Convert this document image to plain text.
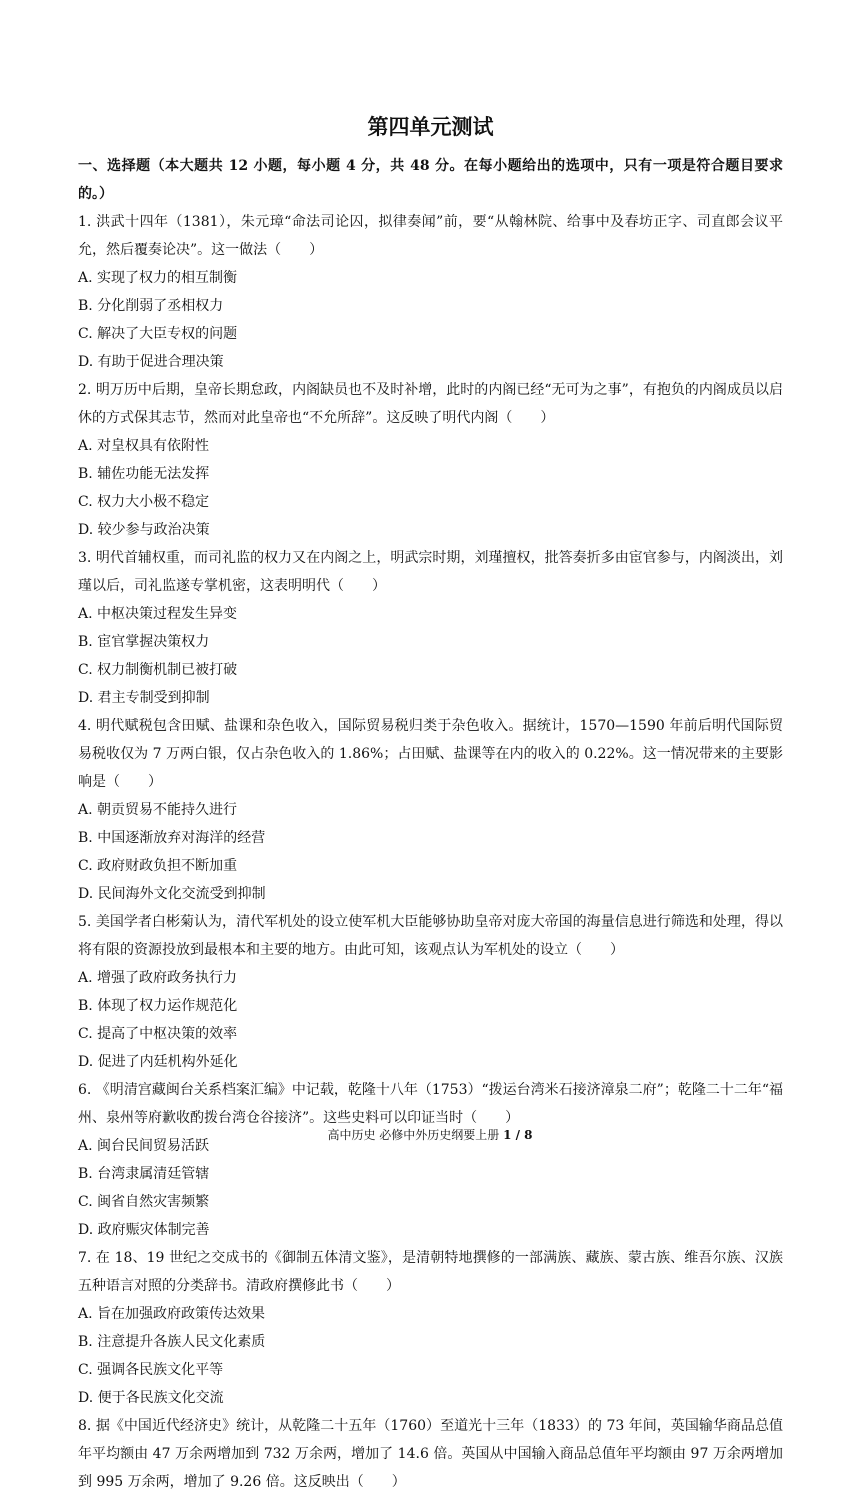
第四单元测试
一、选择题（本大题共 12 小题，每小题 4 分，共 48 分。在每小题给出的选项中，只有一项是符合题目要求的。）
1. 洪武十四年（1381），朱元璋“命法司论囚，拟律奏闻”前，要“从翰林院、给事中及春坊正字、司直郎会议平允，然后覆奏论决”。这一做法（　　）
A. 实现了权力的相互制衡
B. 分化削弱了丞相权力
C. 解决了大臣专权的问题
D. 有助于促进合理决策
2. 明万历中后期，皇帝长期怠政，内阁缺员也不及时补增，此时的内阁已经“无可为之事”，有抱负的内阁成员以启休的方式保其志节，然而对此皇帝也“不允所辞”。这反映了明代内阁（　　）
A. 对皇权具有依附性
B. 辅佐功能无法发挥
C. 权力大小极不稳定
D. 较少参与政治决策
3. 明代首辅权重，而司礼监的权力又在内阁之上，明武宗时期，刘瑾擅权，批答奏折多由宦官参与，内阁淡出，刘瑾以后，司礼监遂专掌机密，这表明明代（　　）
A. 中枢决策过程发生异变
B. 宦官掌握决策权力
C. 权力制衡机制已被打破
D. 君主专制受到抑制
4. 明代赋税包含田赋、盐课和杂色收入，国际贸易税归类于杂色收入。据统计，1570—1590 年前后明代国际贸易税收仅为 7 万两白银，仅占杂色收入的 1.86%；占田赋、盐课等在内的收入的 0.22%。这一情况带来的主要影响是（　　）
A. 朝贡贸易不能持久进行
B. 中国逐渐放弃对海洋的经营
C. 政府财政负担不断加重
D. 民间海外文化交流受到抑制
5. 美国学者白彬菊认为，清代军机处的设立使军机大臣能够协助皇帝对庞大帝国的海量信息进行筛选和处理，得以将有限的资源投放到最根本和主要的地方。由此可知，该观点认为军机处的设立（　　）
A. 增强了政府政务执行力
B. 体现了权力运作规范化
C. 提高了中枢决策的效率
D. 促进了内廷机构外延化
6. 《明清宫藏闽台关系档案汇编》中记载，乾隆十八年（1753）“拨运台湾米石接济漳泉二府”；乾隆二十二年“福州、泉州等府歉收酌拨台湾仓谷接济”。这些史料可以印证当时（　　）
A. 闽台民间贸易活跃
B. 台湾隶属清廷管辖
C. 闽省自然灾害频繁
D. 政府赈灾体制完善
7. 在 18、19 世纪之交成书的《御制五体清文鉴》，是清朝特地撰修的一部满族、藏族、蒙古族、维吾尔族、汉族五种语言对照的分类辞书。清政府撰修此书（　　）
A. 旨在加强政府政策传达效果
B. 注意提升各族人民文化素质
C. 强调各民族文化平等
D. 便于各民族文化交流
8. 据《中国近代经济史》统计，从乾隆二十五年（1760）至道光十三年（1833）的 73 年间，英国输华商品总值年平均额由 47 万余两增加到 732 万余两，增加了 14.6 倍。英国从中国输入商品总值年平均额由 97 万余两增加到 995 万余两，增加了 9.26 倍。这反映出（　　）
高中历史 必修中外历史纲要上册 1 / 8
